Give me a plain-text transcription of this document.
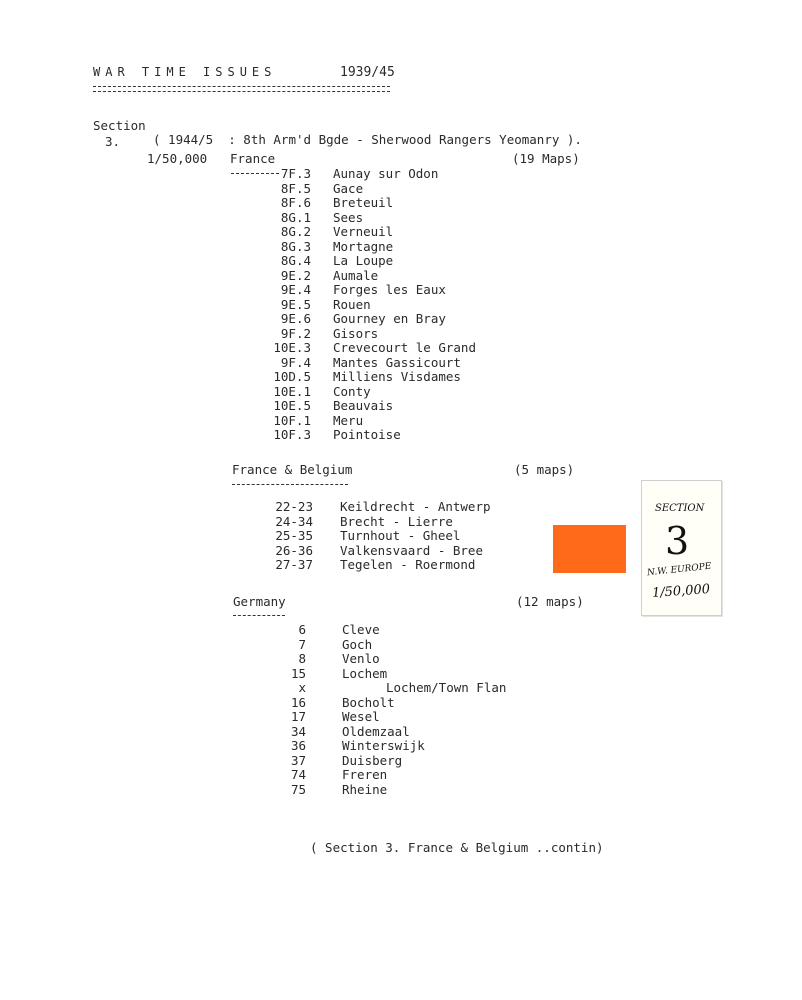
WAR TIME ISSUES	1939/45
Section
3.	( 1944/5  : 8th Arm'd Bgde - Sherwood Rangers Yeomanry ).
1/50,000 France	(19 Maps)
7F.3 Aunay sur Odon
8F.5 Gace
8F.6 Breteuil
8G.1 Sees
8G.2 Verneuil
8G.3 Mortagne
8G.4 La Loupe
9E.2 Aumale
9E.4 Forges les Eaux
9E.5 Rouen
9E.6 Gourney en Bray
9F.2 Gisors
10E.3 Crevecourt le Grand
9F.4 Mantes Gassicourt
10D.5 Milliens Visdames
10E.1 Conty
10E.5 Beauvais
10F.1 Meru
10F.3 Pointoise
France & Belgium	(5 maps)
22-23 Keildrecht - Antwerp
24-34 Brecht - Lierre
25-35 Turnhout - Gheel
26-36 Valkensvaard - Bree
27-37 Tegelen - Roermond
Germany	(12 maps)
6	Cleve
7	Goch
8	Venlo
15	Lochem
x	Lochem/Town Flan
16	Bocholt
17	Wesel
34	Oldemzaal
36	Winterswijk
37	Duisberg
74	Freren
75	Rheine
( Section 3. France & Belgium ..contin)
SECTION
3
N.W. EUROPE
1/50,000
